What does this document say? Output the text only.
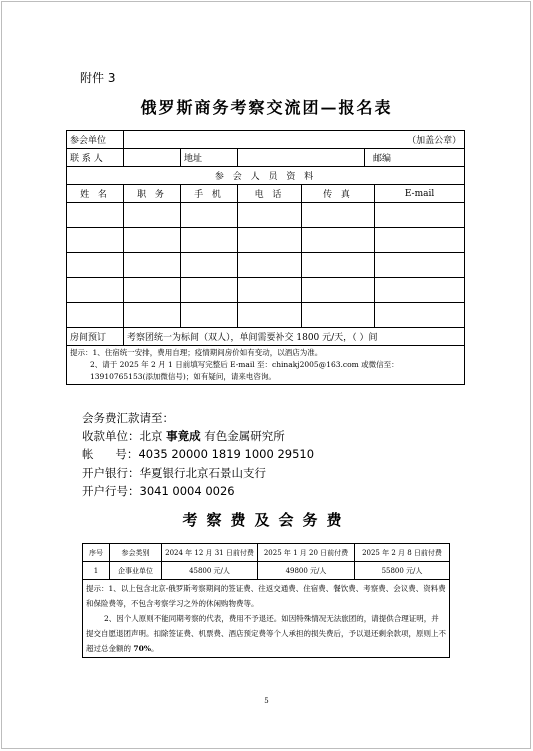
附件 3
俄罗斯商务考察交流团—报名表
参会单位	（加盖公章）					
联 系 人		地址			邮编	
参 会 人 员 资 料						
姓 名	职 务	手 机	电 话	传 真		E-mail

房间预订	考察团统一为标间（双人），单间需要补交 1800 元/天，（ ）间					

提示：1、住宿统一安排，费用自理；疫情期间房价如有变动，以酒店为准。
2、请于 2025 年 2 月 1 日前填写完整后 E-mail 至：chinakj2005@163.com 或微信至：13910765153(添加微信号)；如有疑问，请来电咨询。						
会务费汇款请至：
收款单位：北京 事竟成 有色金属研究所
帐      号：4035 20000 1819 1000 29510
开户银行：华夏银行北京石景山支行
开户行号：3041 0004 0026
考察费及会务费
序号	参会类别	2024 年 12 月 31 日前付费	2025 年 1 月 20 日前付费	2025 年 2 月 8 日前付费
1	企事业单位	45800 元/人	49800 元/人	55800 元/人

提示：1、以上包含北京-俄罗斯考察期间的签证费、往返交通费、住宿费、餐饮费、考察费、会议费、资料费和保险费等，不包含考察学习之外的休闲购物费等。
2、因个人原则不能同期考察的代表，费用不予退还。如因特殊情况无法旅团的，请提供合理证明，并提交自愿退团声明。扣除签证费、机票费、酒店预定费等个人承担的损失费后，予以退还剩余款项，原则上不超过总金额的 70%。				
5
